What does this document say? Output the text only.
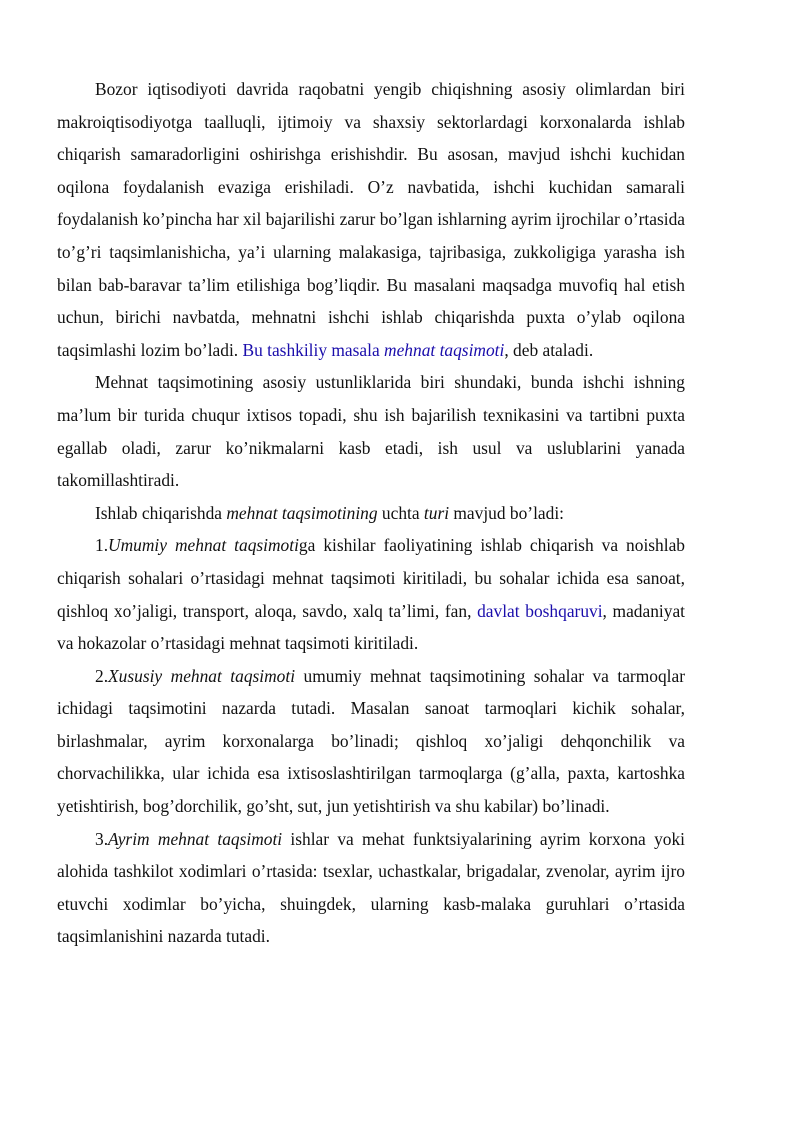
Bozor iqtisodiyoti davrida raqobatni yengib chiqishning asosiy olimlardan biri makroiqtisodiyotga taalluqli, ijtimoiy va shaxsiy sektorlardagi korxonalarda ishlab chiqarish samaradorligini oshirishga erishishdir. Bu asosan, mavjud ishchi kuchidan oqilona foydalanish evaziga erishiladi. O’z navbatida, ishchi kuchidan samarali foydalanish ko’pincha har xil bajarilishi zarur bo’lgan ishlarning ayrim ijrochilar o’rtasida to’g’ri taqsimlanishicha, ya’i ularning malakasiga, tajribasiga, zukkoligiga yarasha ish bilan bab-baravar ta’lim etilishiga bog’liqdir. Bu masalani maqsadga muvofiq hal etish uchun, birichi navbatda, mehnatni ishchi ishlab chiqarishda puxta o’ylab oqilona taqsimlashi lozim bo’ladi. Bu tashkiliy masala mehnat taqsimoti, deb ataladi.

Mehnat taqsimotining asosiy ustunliklarida biri shundaki, bunda ishchi ishning ma’lum bir turida chuqur ixtisos topadi, shu ish bajarilish texnikasini va tartibni puxta egallab oladi, zarur ko’nikmalarni kasb etadi, ish usul va uslublarini yanada takomillashtiradi.

Ishlab chiqarishda mehnat taqsimotining uchta turi mavjud bo’ladi:

1.Umumiy mehnat taqsimotiga kishilar faoliyatining ishlab chiqarish va noishlab chiqarish sohalari o’rtasidagi mehnat taqsimoti kiritiladi, bu sohalar ichida esa sanoat, qishloq xo’jaligi, transport, aloqa, savdo, xalq ta’limi, fan, davlat boshqaruvi, madaniyat va hokazolar o’rtasidagi mehnat taqsimoti kiritiladi.

2.Xususiy mehnat taqsimoti umumiy mehnat taqsimotining sohalar va tarmoqlar ichidagi taqsimotini nazarda tutadi. Masalan sanoat tarmoqlari kichik sohalar, birlashmalar, ayrim korxonalarga bo’linadi; qishloq xo’jaligi dehqonchilik va chorvachilikka, ular ichida esa ixtisoslashtirilgan tarmoqlarga (g’alla, paxta, kartoshka yetishtirish, bog’dorchilik, go’sht, sut, jun yetishtirish va shu kabilar) bo’linadi.

3.Ayrim mehnat taqsimoti ishlar va mehat funktsiyalarining ayrim korxona yoki alohida tashkilot xodimlari o’rtasida: tsexlar, uchastkalar, brigadalar, zvenolar, ayrim ijro etuvchi xodimlar bo’yicha, shuingdek, ularning kasb-malaka guruhlari o’rtasida taqsimlanishini nazarda tutadi.
